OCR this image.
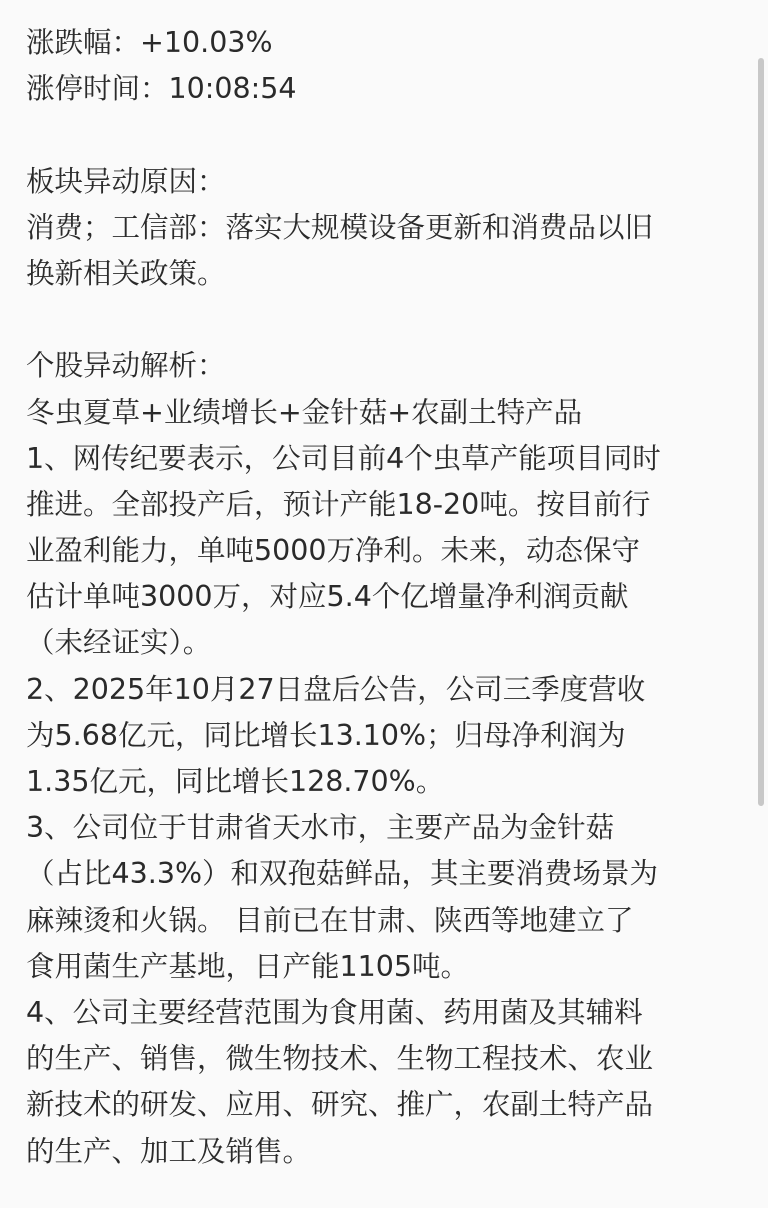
涨跌幅：+10.03%
涨停时间：10:08:54
板块异动原因：
消费；工信部：落实大规模设备更新和消费品以旧
换新相关政策。
个股异动解析：
冬虫夏草+业绩增长+金针菇+农副土特产品
1、网传纪要表示，公司目前4个虫草产能项目同时
推进。全部投产后，预计产能18-20吨。按目前行
业盈利能力，单吨5000万净利。未来，动态保守
估计单吨3000万，对应5.4个亿增量净利润贡献
（未经证实）。
2、2025年10月27日盘后公告，公司三季度营收
为5.68亿元，同比增长13.10%；归母净利润为
1.35亿元，同比增长128.70%。
3、公司位于甘肃省天水市，主要产品为金针菇
（占比43.3%）和双孢菇鲜品，其主要消费场景为
麻辣烫和火锅。 目前已在甘肃、陕西等地建立了
食用菌生产基地，日产能1105吨。
4、公司主要经营范围为食用菌、药用菌及其辅料
的生产、销售，微生物技术、生物工程技术、农业
新技术的研发、应用、研究、推广，农副土特产品
的生产、加工及销售。
